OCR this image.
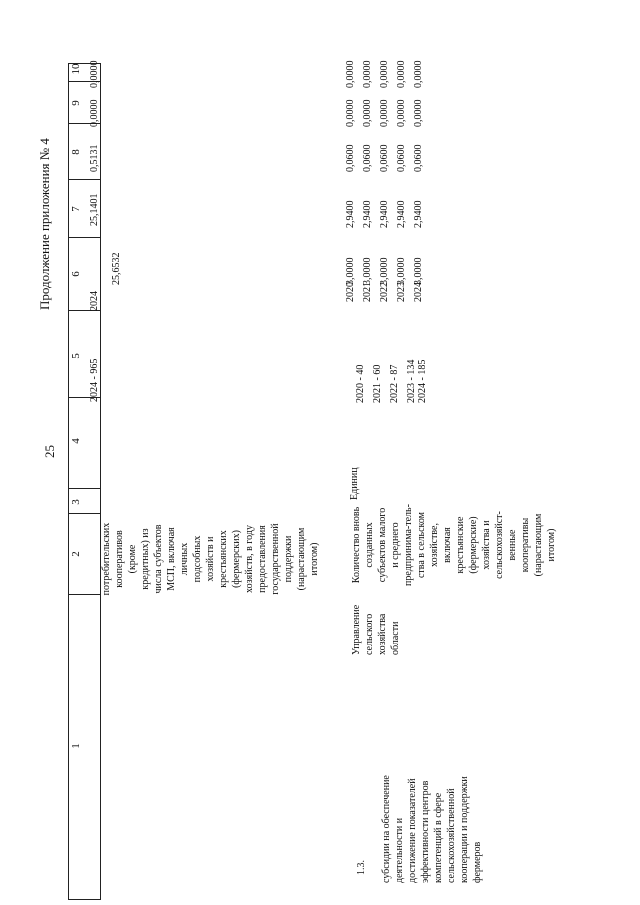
25
Продолжение приложения № 4
1
2
3
4
5
6
7
8
9
10
потребительских кооперативов (кроме кредитных) из числа субъектов МСП, включая личных подсобных хозяйств и крестьянских (фермерских) хозяйств, в году предоставления государственной поддержки (нарастающим итогом)
2024 - 965
2024
25,6532
25,1401
0,5131
0,0000
0,0000
1.3. субсидии на обеспечение деятельности и достижение показателей эффективности центров компетенций в сфере сельскохозяйственной кооперации и поддержки фермеров
Управление сельского хозяйства области
Количество вновь созданных субъектов малого и среднего предпринима-тель- ства в сельском хозяйстве, включая крестьянские (фермерские) хозяйства и сельскохозяйст- венные кооперативы (нарастающим итогом)
Единиц
2020 - 40 2021 - 60 2022 - 87 2023 - 134 2024 - 185
2020 2021 2022 2023 2024
3,0000 3,0000 3,0000 3,0000 3,0000
2,9400 2,9400 2,9400 2,9400 2,9400
0,0600 0,0600 0,0600 0,0600 0,0600
0,0000 0,0000 0,0000 0,0000 0,0000
0,0000 0,0000 0,0000 0,0000 0,0000
